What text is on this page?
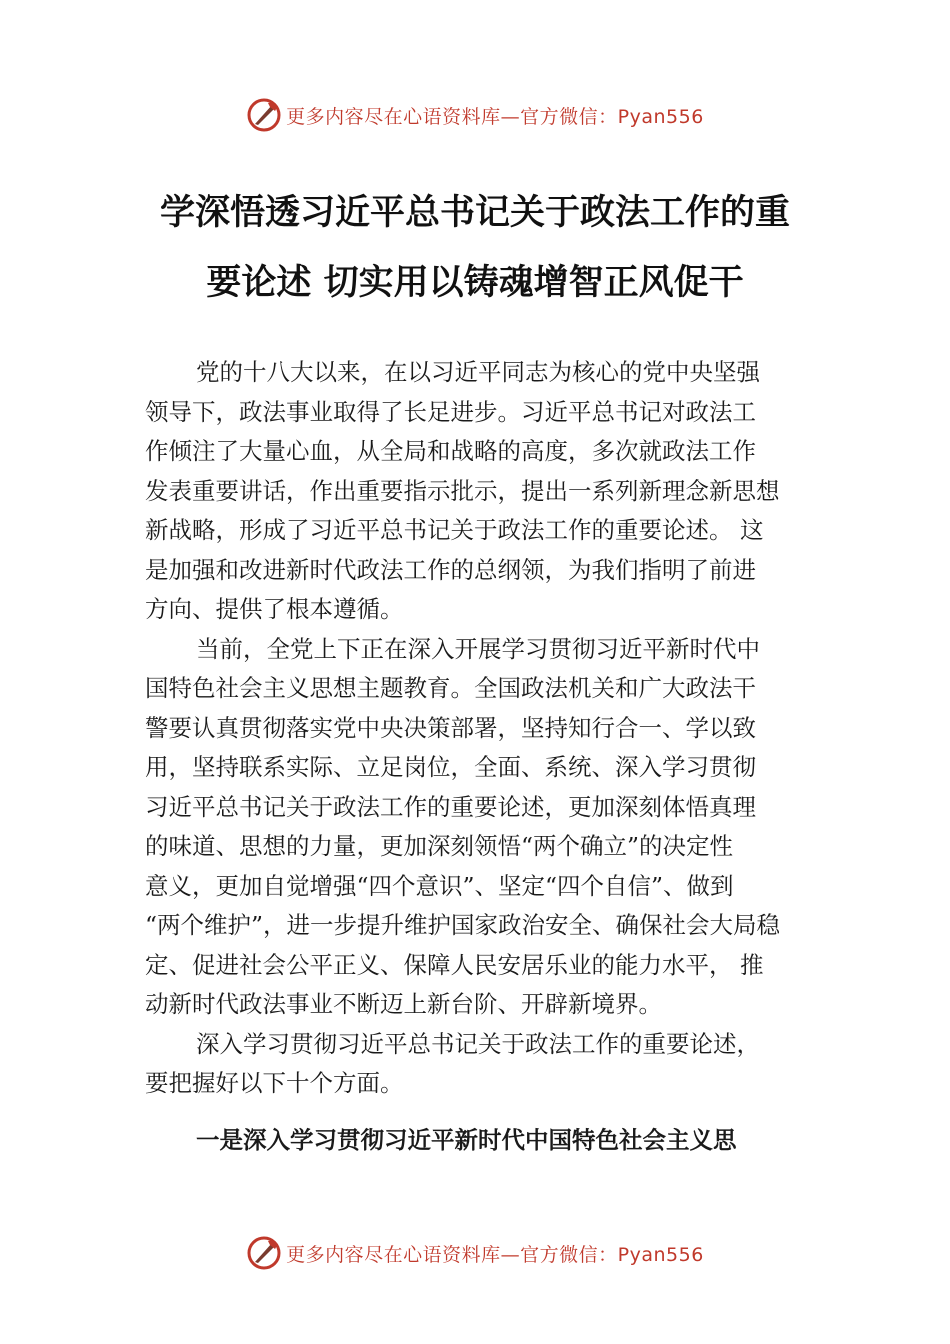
更多内容尽在心语资料库—官方微信：Pyan556
学深悟透习近平总书记关于政法工作的重
要论述 切实用以铸魂增智正风促干
党的十八大以来，在以习近平同志为核心的党中央坚强
领导下，政法事业取得了长足进步。习近平总书记对政法工
作倾注了大量心血，从全局和战略的高度，多次就政法工作
发表重要讲话，作出重要指示批示，提出一系列新理念新思想
新战略，形成了习近平总书记关于政法工作的重要论述。 这
是加强和改进新时代政法工作的总纲领，为我们指明了前进
方向、提供了根本遵循。
当前，全党上下正在深入开展学习贯彻习近平新时代中
国特色社会主义思想主题教育。全国政法机关和广大政法干
警要认真贯彻落实党中央决策部署，坚持知行合一、学以致
用，坚持联系实际、立足岗位，全面、系统、深入学习贯彻
习近平总书记关于政法工作的重要论述，更加深刻体悟真理
的味道、思想的力量，更加深刻领悟“两个确立”的决定性
意义，更加自觉增强“四个意识”、坚定“四个自信”、做到
“两个维护”，进一步提升维护国家政治安全、确保社会大局稳
定、促进社会公平正义、保障人民安居乐业的能力水平， 推
动新时代政法事业不断迈上新台阶、开辟新境界。
深入学习贯彻习近平总书记关于政法工作的重要论述，
要把握好以下十个方面。
一是深入学习贯彻习近平新时代中国特色社会主义思
更多内容尽在心语资料库—官方微信：Pyan556
